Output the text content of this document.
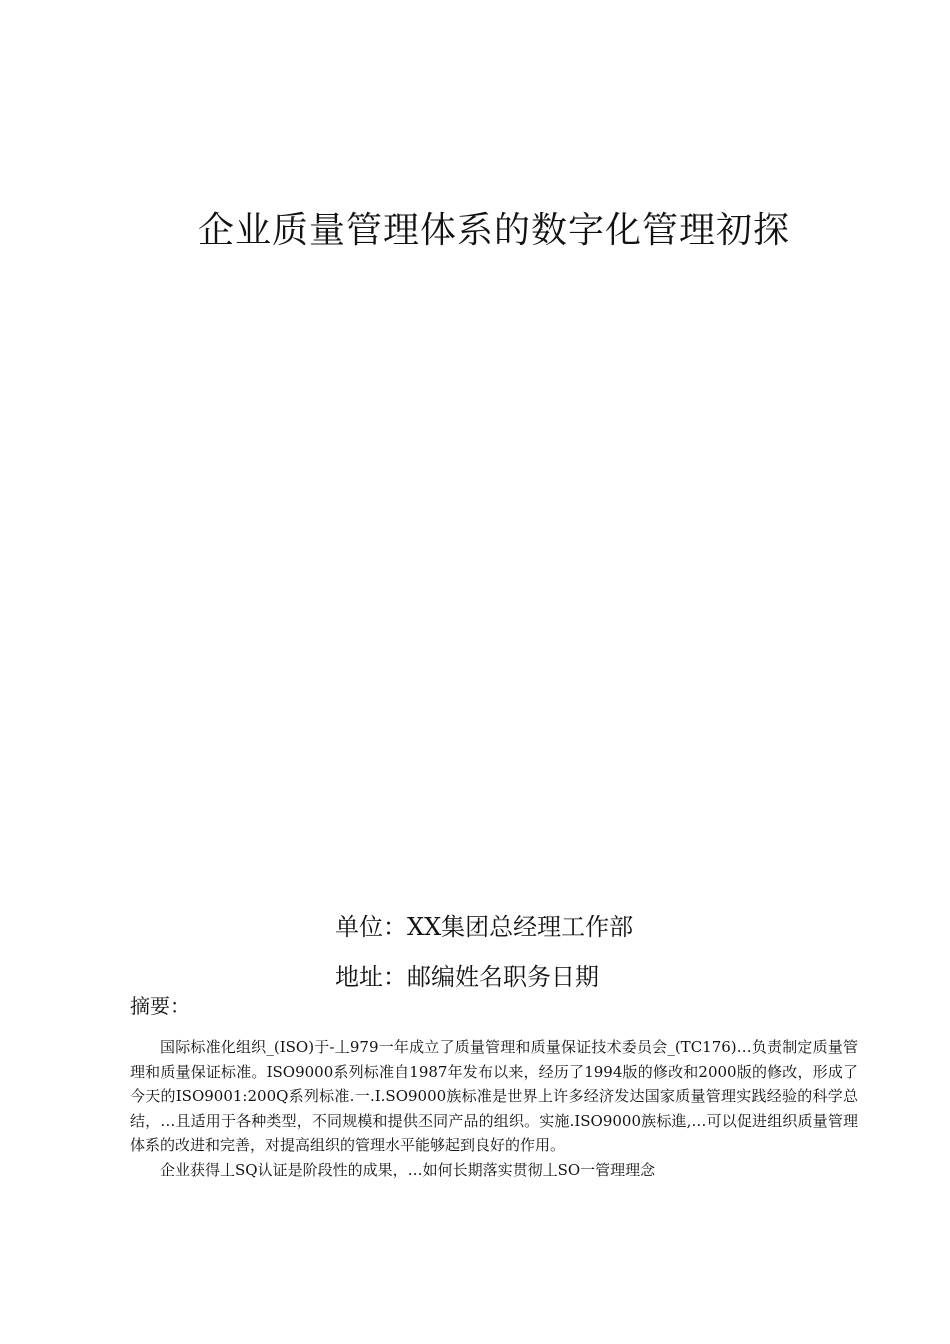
企业质量管理体系的数字化管理初探
单位：XX集团总经理工作部
地址：邮编姓名职务日期
摘要：

国际标准化组织_(ISO)于-丄979一年成立了质量管理和质量保证技术委员会_(TC176)…负责制定质量管理和质量保证标准。ISO9000系列标准自1987年发布以来，经历了1994版的修改和2000版的修改，形成了今天的ISO9001:200Q系列标准.一.I.SO9000族标准是世界上许多经济发达国家质量管理实践经验的科学总结，…且适用于各种类型，不同规模和提供丕同产品的组织。实施.ISO9000族标進,…可以促进组织质量管理体系的改进和完善，对提高组织的管理水平能够起到良好的作用。

企业获得丄SQ认证是阶段性的成果，…如何长期落实贯彻丄SO一管理理念
